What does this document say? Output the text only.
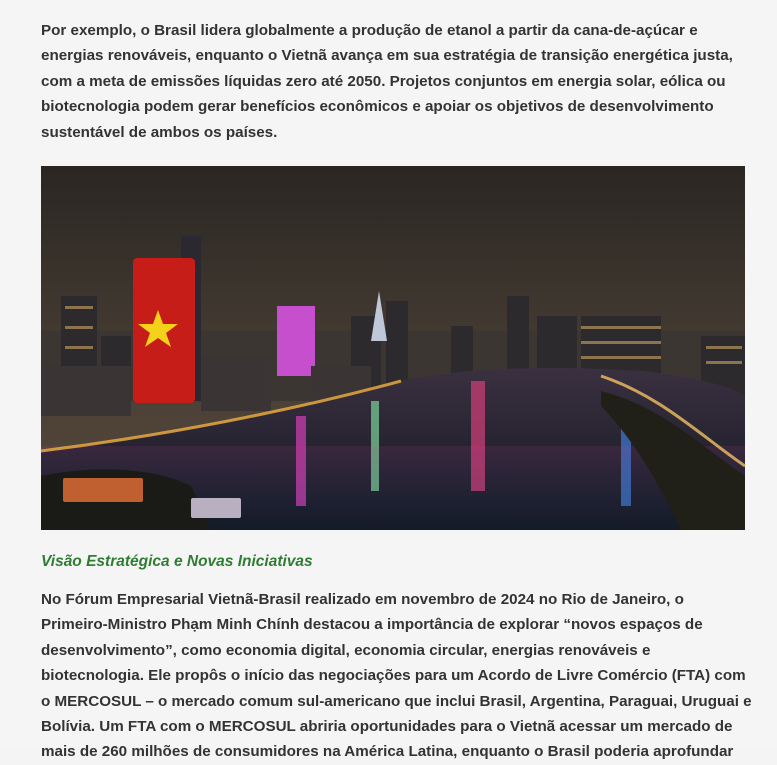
Por exemplo, o Brasil lidera globalmente a produção de etanol a partir da cana-de-açúcar e energias renováveis, enquanto o Vietnã avança em sua estratégia de transição energética justa, com a meta de emissões líquidas zero até 2050. Projetos conjuntos em energia solar, eólica ou biotecnologia podem gerar benefícios econômicos e apoiar os objetivos de desenvolvimento sustentável de ambos os países.

Visão Estratégica e Novas Iniciativas

No Fórum Empresarial Vietnã-Brasil realizado em novembro de 2024 no Rio de Janeiro, o Primeiro-Ministro Phạm Minh Chính destacou a importância de explorar “novos espaços de desenvolvimento”, como economia digital, economia circular, energias renováveis e biotecnologia. Ele propôs o início das negociações para um Acordo de Livre Comércio (FTA) com o MERCOSUL – o mercado comum sul-americano que inclui Brasil, Argentina, Paraguai, Uruguai e Bolívia. Um FTA com o MERCOSUL abriria oportunidades para o Vietnã acessar um mercado de mais de 260 milhões de consumidores na América Latina, enquanto o Brasil poderia aprofundar
